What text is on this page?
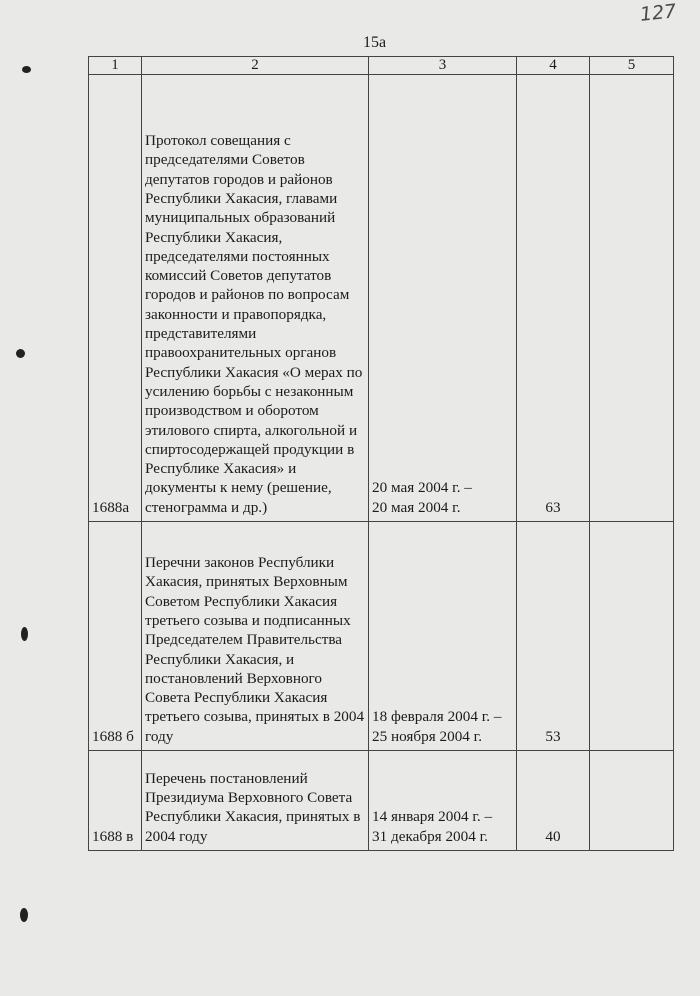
127
15а
1	2	3	4	5
1688а	Протокол совещания с председателями Советов депутатов городов и районов Республики Хакасия, главами муниципальных образований Республики Хакасия, председателями постоянных комиссий Советов депутатов городов и районов по вопросам законности и правопорядка, представителями правоохранительных органов Республики Хакасия «О мерах по усилению борьбы с незаконным производством и оборотом этилового спирта, алкогольной и спиртосодержащей продукции в Республике Хакасия» и документы к нему (решение, стенограмма и др.)	20 мая 2004 г. –
20 мая 2004 г.	63	
1688 б	Перечни законов Республики Хакасия, принятых Верховным Советом Республики Хакасия третьего созыва и подписанных Председателем Правительства Республики Хакасия, и постановлений Верховного Совета Республики Хакасия третьего созыва, принятых в 2004 году	18 февраля 2004 г. –
25 ноября 2004 г.	53	
1688 в	Перечень постановлений Президиума Верховного Совета Республики Хакасия, принятых в 2004 году	14 января 2004 г. –
31 декабря 2004 г.	40	
